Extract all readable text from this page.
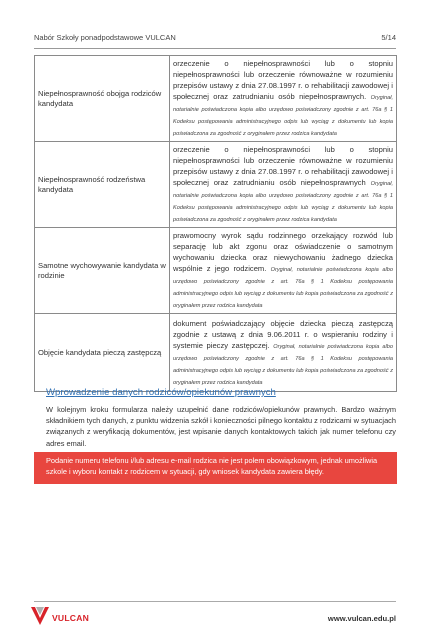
Nabór Szkoły ponadpodstawowe VULCAN	5/14
Niepełnosprawność obojga rodziców kandydata	orzeczenie o niepełnosprawności lub o stopniu niepełnosprawności lub orzeczenie równoważne w rozumieniu przepisów ustawy z dnia 27.08.1997 r. o rehabilitacji zawodowej i społecznej oraz zatrudnianiu osób niepełnosprawnych. Oryginał, notarialnie poświadczona kopia albo urzędowo poświadczony zgodnie z art. 76a § 1 Kodeksu postępowania administracyjnego odpis lub wyciąg z dokumentu lub kopia poświadczona za zgodność z oryginałem przez rodzica kandydata
Niepełnosprawność rodzeństwa kandydata	orzeczenie o niepełnosprawności lub o stopniu niepełnosprawności lub orzeczenie równoważne w rozumieniu przepisów ustawy z dnia 27.08.1997 r. o rehabilitacji zawodowej i społecznej oraz zatrudnianiu osób niepełnosprawnych Oryginał, notarialnie poświadczona kopia albo urzędowo poświadczony zgodnie z art. 76a § 1 Kodeksu postępowania administracyjnego odpis lub wyciąg z dokumentu lub kopia poświadczona za zgodność z oryginałem przez rodzica kandydata
Samotne wychowywanie kandydata w rodzinie	prawomocny wyrok sądu rodzinnego orzekający rozwód lub separację lub akt zgonu oraz oświadczenie o samotnym wychowaniu dziecka oraz niewychowaniu żadnego dziecka wspólnie z jego rodzicem. Oryginał, notarialnie poświadczona kopia albo urzędowo poświadczony zgodnie z art. 76a § 1 Kodeksu postępowania administracyjnego odpis lub wyciąg z dokumentu lub kopia poświadczona za zgodność z oryginałem przez rodzica kandydata
Objęcie kandydata pieczą zastępczą	dokument poświadczający objęcie dziecka pieczą zastępczą zgodnie z ustawą z dnia 9.06.2011 r. o wspieraniu rodziny i systemie pieczy zastępczej. Oryginał, notarialnie poświadczona kopia albo urzędowo poświadczony zgodnie z art. 76a § 1 Kodeksu postępowania administracyjnego odpis lub wyciąg z dokumentu lub kopia poświadczona za zgodność z oryginałem przez rodzica kandydata
Wprowadzenie danych rodziców/opiekunów prawnych
W kolejnym kroku formularza należy uzupełnić dane rodziców/opiekunów prawnych. Bardzo ważnym składnikiem tych danych, z punktu widzenia szkół i konieczności pilnego kontaktu z rodzicami w sytuacjach związanych z weryfikacją dokumentów, jest wpisanie danych kontaktowych takich jak numer telefonu czy adres email.

Podanie numeru telefonu i/lub adresu e-mail rodzica nie jest polem obowiązkowym, jednak umożliwia szkole i wyboru kontakt z rodzicem w sytuacji, gdy wniosek kandydata zawiera błędy.

VULCAN	www.vulcan.edu.pl
